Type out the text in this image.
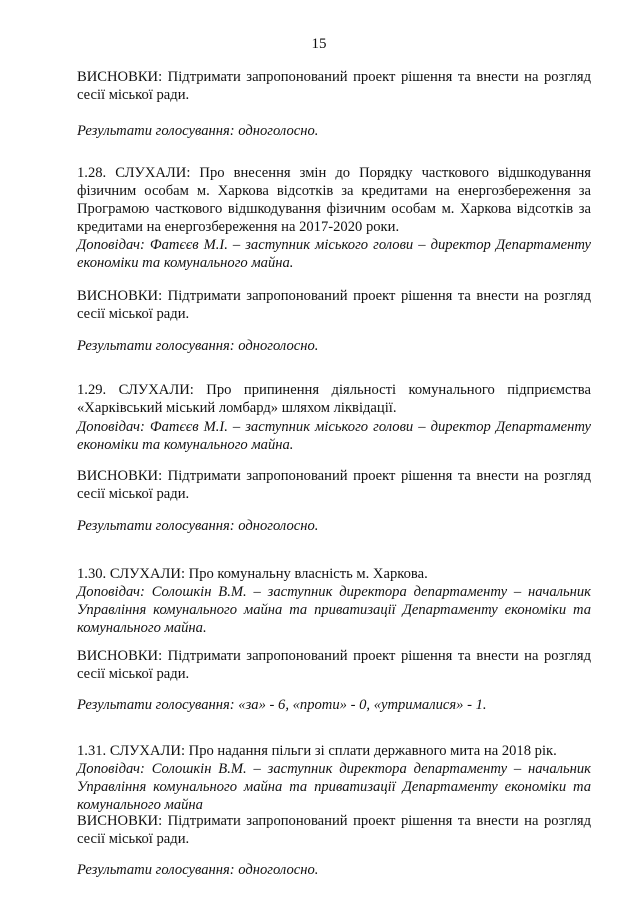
15

ВИСНОВКИ: Підтримати запропонований проект рішення та внести на розгляд сесії міської ради.

Результати голосування: одноголосно.

1.28. СЛУХАЛИ: Про внесення змін до Порядку часткового відшкодування фізичним особам м. Харкова відсотків за кредитами на енергозбереження за Програмою часткового відшкодування фізичним особам м. Харкова відсотків за кредитами на енергозбереження на 2017-2020 роки.

Доповідач: Фатєєв М.І. – заступник міського голови – директор Департаменту економіки та комунального майна.

ВИСНОВКИ: Підтримати запропонований проект рішення та внести на розгляд сесії міської ради.

Результати голосування: одноголосно.

1.29. СЛУХАЛИ: Про припинення діяльності комунального підприємства «Харківський міський ломбард» шляхом ліквідації.

Доповідач: Фатєєв М.І. – заступник міського голови – директор Департаменту економіки та комунального майна.

ВИСНОВКИ: Підтримати запропонований проект рішення та внести на розгляд сесії міської ради.

Результати голосування: одноголосно.

1.30. СЛУХАЛИ: Про комунальну власність м. Харкова.

Доповідач: Солошкін В.М. – заступник директора департаменту – начальник Управління комунального майна та приватизації Департаменту економіки та комунального майна.

ВИСНОВКИ: Підтримати запропонований проект рішення та внести на розгляд сесії міської ради.

Результати голосування: «за» - 6, «проти» - 0, «утрималися» - 1.

1.31. СЛУХАЛИ: Про надання пільги зі сплати державного мита на 2018 рік.

Доповідач: Солошкін В.М. – заступник директора департаменту – начальник Управління комунального майна та приватизації Департаменту економіки та комунального майна

ВИСНОВКИ: Підтримати запропонований проект рішення та внести на розгляд сесії міської ради.

Результати голосування: одноголосно.
